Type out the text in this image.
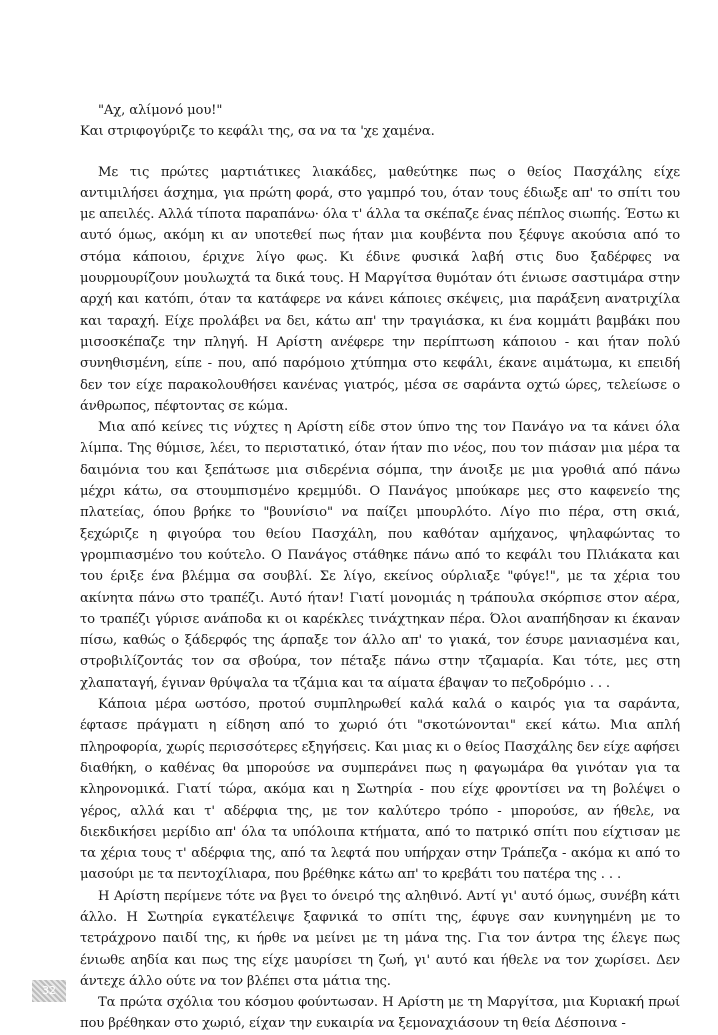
"Αχ, αλίμονό μου!"

Και στριφογύριζε το κεφάλι της, σα να τα 'χε χαμένα.

Με τις πρώτες μαρτιάτικες λιακάδες, μαθεύτηκε πως ο θείος Πασχάλης είχε αντιμιλήσει άσχημα, για πρώτη φορά, στο γαμπρό του, όταν τους έδιωξε απ' το σπίτι του με απειλές. Αλλά τίποτα παραπάνω· όλα τ' άλλα τα σκέπαζε ένας πέπλος σιωπής. Έστω κι αυτό όμως, ακόμη κι αν υποτεθεί πως ήταν μια κουβέντα που ξέφυγε ακούσια από το στόμα κάποιου, έριχνε λίγο φως. Κι έδινε φυσικά λαβή στις δυο ξαδέρφες να μουρμουρίζουν μουλωχτά τα δικά τους. Η Μαργίτσα θυμόταν ότι ένιωσε σαστιμάρα στην αρχή και κατόπι, όταν τα κατάφερε να κάνει κάποιες σκέψεις, μια παράξενη ανατριχίλα και ταραχή. Είχε προλάβει να δει, κάτω απ' την τραγιάσκα, κι ένα κομμάτι βαμβάκι που μισοσκέπαζε την πληγή. Η Αρίστη ανέφερε την περίπτωση κάποιου - και ήταν πολύ συνηθισμένη, είπε - που, από παρόμοιο χτύπημα στο κεφάλι, έκανε αιμάτωμα, κι επειδή δεν τον είχε παρακολουθήσει κανένας γιατρός, μέσα σε σαράντα οχτώ ώρες, τελείωσε ο άνθρωπος, πέφτοντας σε κώμα.

Μια από κείνες τις νύχτες η Αρίστη είδε στον ύπνο της τον Πανάγο να τα κάνει όλα λίμπα. Της θύμισε, λέει, το περιστατικό, όταν ήταν πιο νέος, που τον πιάσαν μια μέρα τα δαιμόνια του και ξεπάτωσε μια σιδερένια σόμπα, την άνοιξε με μια γροθιά από πάνω μέχρι κάτω, σα στουμπισμένο κρεμμύδι. Ο Πανάγος μπούκαρε μες στο καφενείο της πλατείας, όπου βρήκε το "βουνίσιο" να παίζει μπουρλότο. Λίγο πιο πέρα, στη σκιά, ξεχώριζε η φιγούρα του θείου Πασχάλη, που καθόταν αμήχανος, ψηλαφώντας το γρομπιασμένο του κούτελο. Ο Πανάγος στάθηκε πάνω από το κεφάλι του Πλιάκατα και του έριξε ένα βλέμμα σα σουβλί. Σε λίγο, εκείνος ούρλιαξε "φύγε!", με τα χέρια του ακίνητα πάνω στο τραπέζι. Αυτό ήταν! Γιατί μονομιάς η τράπουλα σκόρπισε στον αέρα, το τραπέζι γύρισε ανάποδα κι οι καρέκλες τινάχτηκαν πέρα. Όλοι αναπήδησαν κι έκαναν πίσω, καθώς ο ξάδερφός της άρπαξε τον άλλο απ' το γιακά, τον έσυρε μανιασμένα και, στροβιλίζοντάς τον σα σβούρα, τον πέταξε πάνω στην τζαμαρία. Και τότε, μες στη χλαπαταγή, έγιναν θρύψαλα τα τζάμια και τα αίματα έβαψαν το πεζοδρόμιο . . .

Κάποια μέρα ωστόσο, προτού συμπληρωθεί καλά καλά ο καιρός για τα σαράντα, έφτασε πράγματι η είδηση από το χωριό ότι "σκοτώνονται" εκεί κάτω. Μια απλή πληροφορία, χωρίς περισσότερες εξηγήσεις. Και μιας κι ο θείος Πασχάλης δεν είχε αφήσει διαθήκη, ο καθένας θα μπορούσε να συμπεράνει πως η φαγωμάρα θα γινόταν για τα κληρονομικά. Γιατί τώρα, ακόμα και η Σωτηρία - που είχε φροντίσει να τη βολέψει ο γέρος, αλλά και τ' αδέρφια της, με τον καλύτερο τρόπο - μπορούσε, αν ήθελε, να διεκδικήσει μερίδιο απ' όλα τα υπόλοιπα κτήματα, από το πατρικό σπίτι που είχτισαν με τα χέρια τους τ' αδέρφια της, από τα λεφτά που υπήρχαν στην Τράπεζα - ακόμα κι από το μασούρι με τα πεντοχίλιαρα, που βρέθηκε κάτω απ' το κρεβάτι του πατέρα της . . .

Η Αρίστη περίμενε τότε να βγει το όνειρό της αληθινό. Αντί γι' αυτό όμως, συνέβη κάτι άλλο. Η Σωτηρία εγκατέλειψε ξαφνικά το σπίτι της, έφυγε σαν κυνηγημένη με το τετράχρονο παιδί της, κι ήρθε να μείνει με τη μάνα της. Για τον άντρα της έλεγε πως ένιωθε αηδία και πως της είχε μαυρίσει τη ζωή, γι' αυτό και ήθελε να τον χωρίσει. Δεν άντεχε άλλο ούτε να τον βλέπει στα μάτια της.

Τα πρώτα σχόλια του κόσμου φούντωσαν. Η Αρίστη με τη Μαργίτσα, μια Κυριακή πρωί που βρέθηκαν στο χωριό, είχαν την ευκαιρία να ξεμοναχιάσουν τη θεία Δέσποινα -

32
